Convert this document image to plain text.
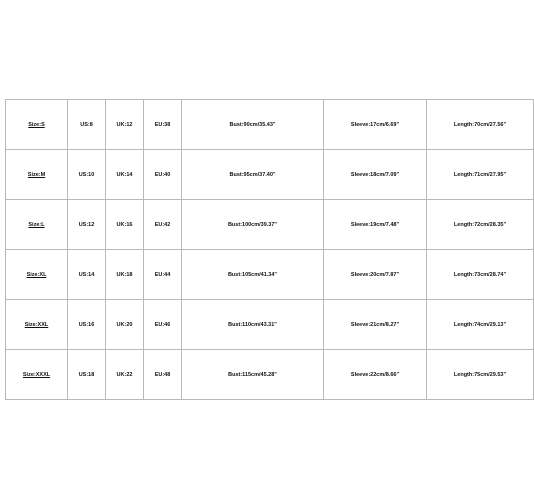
Size:S	US:8	UK:12	EU:38	Bust:90cm/35.43"	Sleeve:17cm/6.69"	Length:70cm/27.56"
Size:M	US:10	UK:14	EU:40	Bust:95cm/37.40"	Sleeve:18cm/7.09"	Length:71cm/27.95"
Size:L	US:12	UK:16	EU:42	Bust:100cm/39.37"	Sleeve:19cm/7.48"	Length:72cm/28.35"
Size:XL	US:14	UK:18	EU:44	Bust:105cm/41.34"	Sleeve:20cm/7.87"	Length:73cm/28.74"
Size:XXL	US:16	UK:20	EU:46	Bust:110cm/43.31"	Sleeve:21cm/8.27"	Length:74cm/29.13"
Size:XXXL	US:18	UK:22	EU:48	Bust:115cm/45.28"	Sleeve:22cm/8.66"	Length:75cm/29.53"
